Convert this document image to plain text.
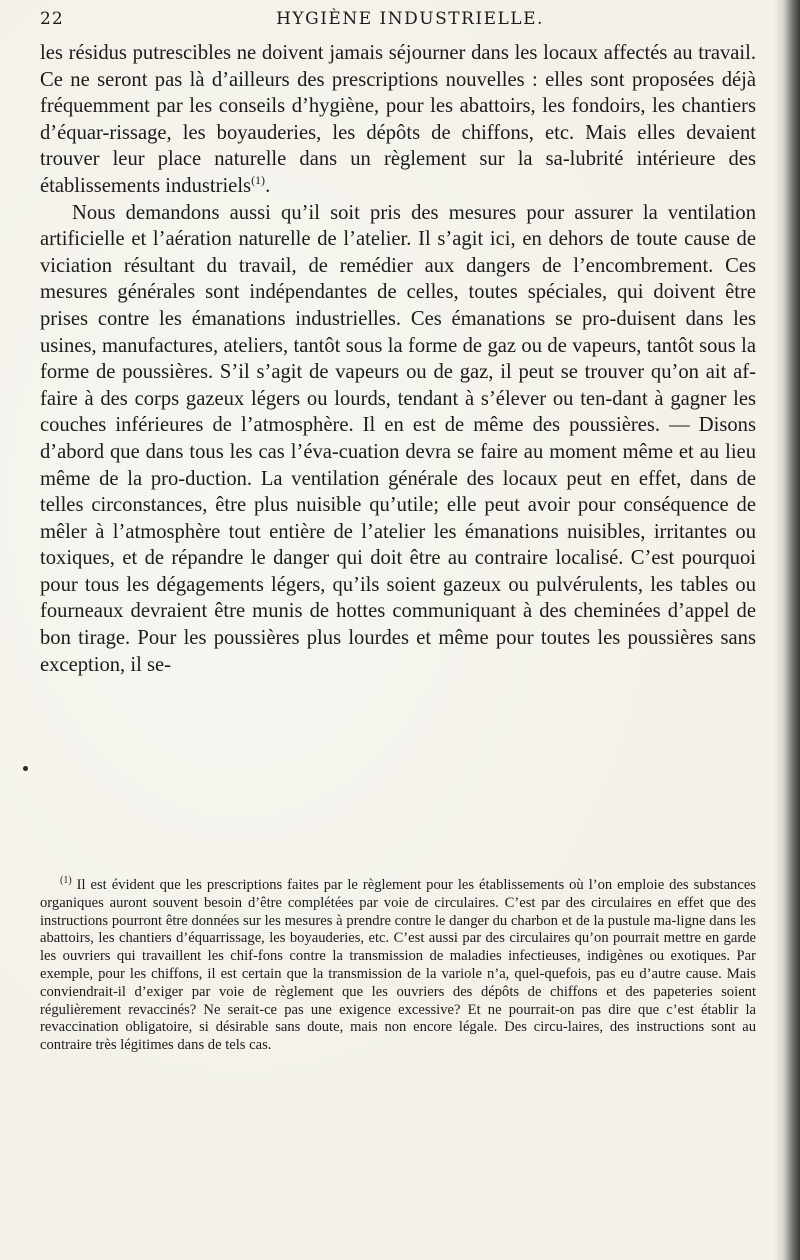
22	HYGIÈNE INDUSTRIELLE.

les résidus putrescibles ne doivent jamais séjourner dans les locaux affectés au travail. Ce ne seront pas là d’ailleurs des prescriptions nouvelles : elles sont proposées déjà fréquemment par les conseils d’hygiène, pour les abattoirs, les fondoirs, les chantiers d’équar-rissage, les boyauderies, les dépôts de chiffons, etc. Mais elles devaient trouver leur place naturelle dans un règlement sur la sa-lubrité intérieure des établissements industriels$^{(1)}$.

Nous demandons aussi qu’il soit pris des mesures pour assurer la ventilation artificielle et l’aération naturelle de l’atelier. Il s’agit ici, en dehors de toute cause de viciation résultant du travail, de remédier aux dangers de l’encombrement. Ces mesures générales sont indépendantes de celles, toutes spéciales, qui doivent être prises contre les émanations industrielles. Ces émanations se pro-duisent dans les usines, manufactures, ateliers, tantôt sous la forme de gaz ou de vapeurs, tantôt sous la forme de poussières. S’il s’agit de vapeurs ou de gaz, il peut se trouver qu’on ait af-faire à des corps gazeux légers ou lourds, tendant à s’élever ou ten-dant à gagner les couches inférieures de l’atmosphère. Il en est de même des poussières. — Disons d’abord que dans tous les cas l’éva-cuation devra se faire au moment même et au lieu même de la pro-duction. La ventilation générale des locaux peut en effet, dans de telles circonstances, être plus nuisible qu’utile; elle peut avoir pour conséquence de mêler à l’atmosphère tout entière de l’atelier les émanations nuisibles, irritantes ou toxiques, et de répandre le danger qui doit être au contraire localisé. C’est pourquoi pour tous les dégagements légers, qu’ils soient gazeux ou pulvérulents, les tables ou fourneaux devraient être munis de hottes communiquant à des cheminées d’appel de bon tirage. Pour les poussières plus lourdes et même pour toutes les poussières sans exception, il se-

$^{(1)}$ Il est évident que les prescriptions faites par le règlement pour les établissements où l’on emploie des substances organiques auront souvent besoin d’être complétées par voie de circulaires. C’est par des circulaires en effet que des instructions pourront être données sur les mesures à prendre contre le danger du charbon et de la pustule ma-ligne dans les abattoirs, les chantiers d’équarrissage, les boyauderies, etc. C’est aussi par des circulaires qu’on pourrait mettre en garde les ouvriers qui travaillent les chif-fons contre la transmission de maladies infectieuses, indigènes ou exotiques. Par exemple, pour les chiffons, il est certain que la transmission de la variole n’a, quel-quefois, pas eu d’autre cause. Mais conviendrait-il d’exiger par voie de règlement que les ouvriers des dépôts de chiffons et des papeteries soient régulièrement revaccinés? Ne serait-ce pas une exigence excessive? Et ne pourrait-on pas dire que c’est établir la revaccination obligatoire, si désirable sans doute, mais non encore légale. Des circu-laires, des instructions sont au contraire très légitimes dans de tels cas.
